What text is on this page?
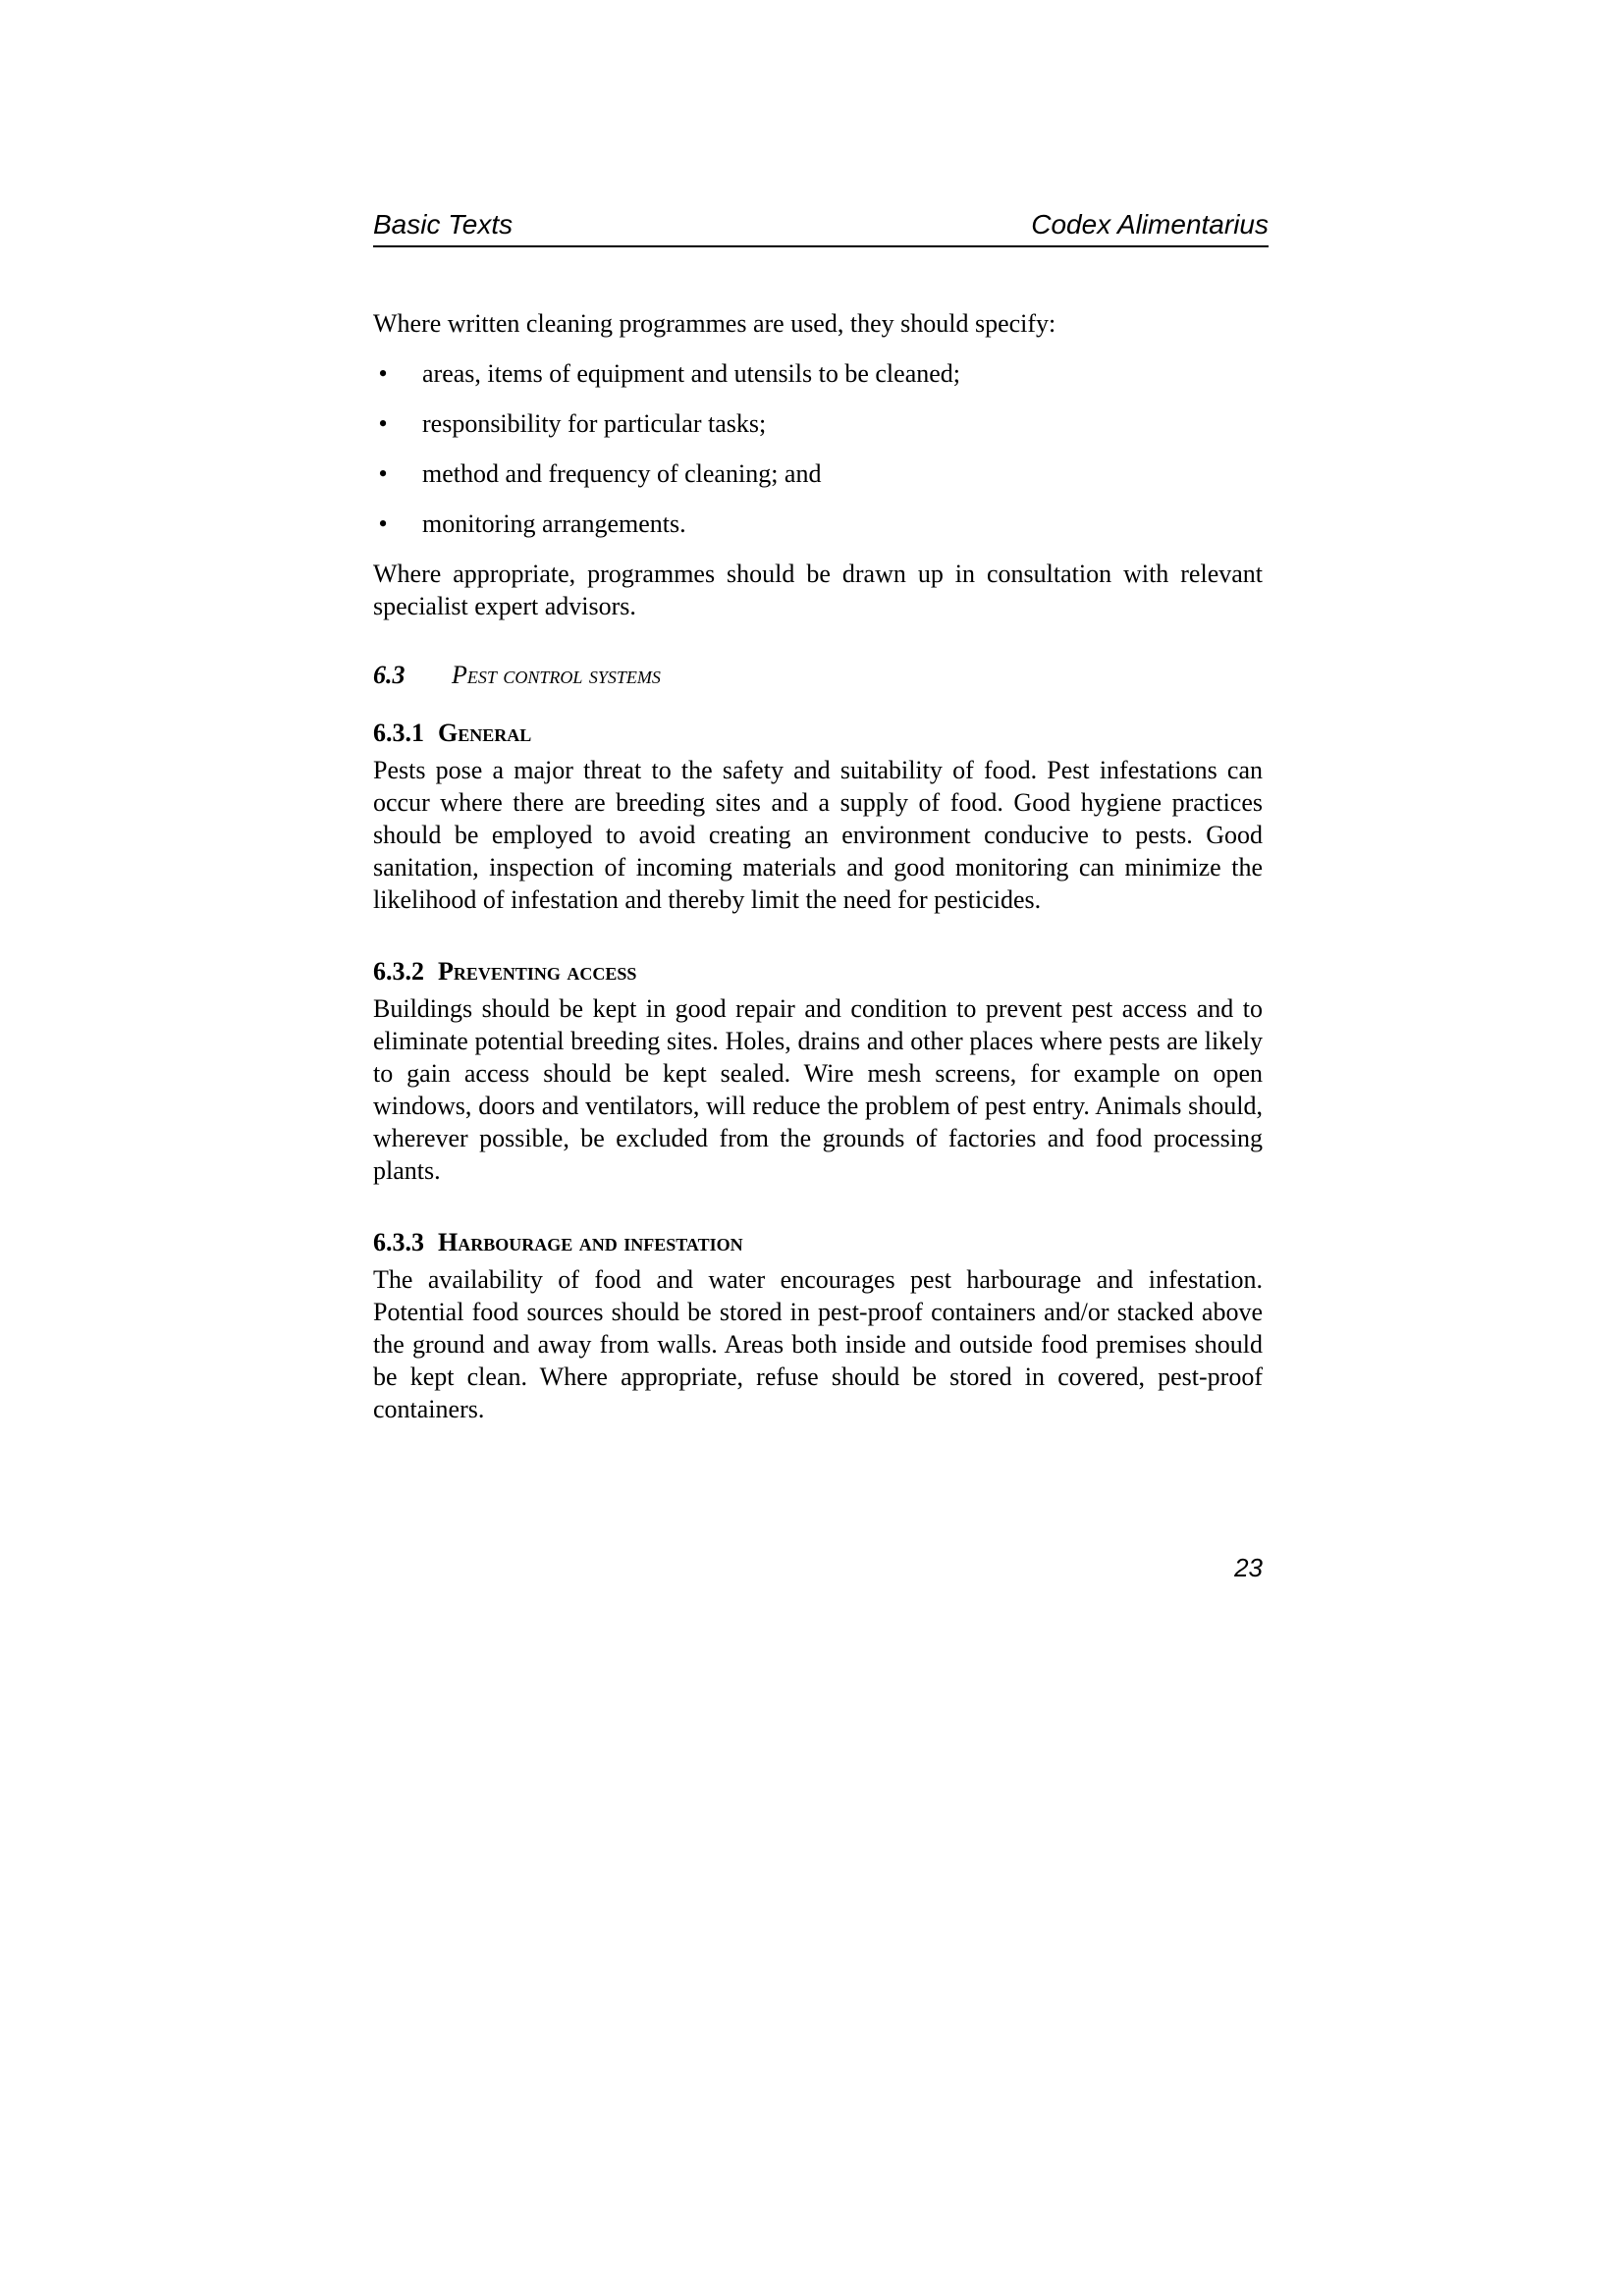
Basic Texts	Codex Alimentarius

Where written cleaning programmes are used, they should specify:

• areas, items of equipment and utensils to be cleaned;
• responsibility for particular tasks;
• method and frequency of cleaning; and
• monitoring arrangements.

Where appropriate, programmes should be drawn up in consultation with relevant specialist expert advisors.

6.3 Pest control systems
6.3.1 General

Pests pose a major threat to the safety and suitability of food. Pest infestations can occur where there are breeding sites and a supply of food. Good hygiene practices should be employed to avoid creating an environment conducive to pests. Good sanitation, inspection of incoming materials and good monitoring can minimize the likelihood of infestation and thereby limit the need for pesticides.

6.3.2 Preventing access

Buildings should be kept in good repair and condition to prevent pest access and to eliminate potential breeding sites. Holes, drains and other places where pests are likely to gain access should be kept sealed. Wire mesh screens, for example on open windows, doors and ventilators, will reduce the problem of pest entry. Animals should, wherever possible, be excluded from the grounds of factories and food processing plants.

6.3.3 Harbourage and infestation

The availability of food and water encourages pest harbourage and infestation. Potential food sources should be stored in pest-proof containers and/or stacked above the ground and away from walls. Areas both inside and outside food premises should be kept clean. Where appropriate, refuse should be stored in covered, pest-proof containers.

23
